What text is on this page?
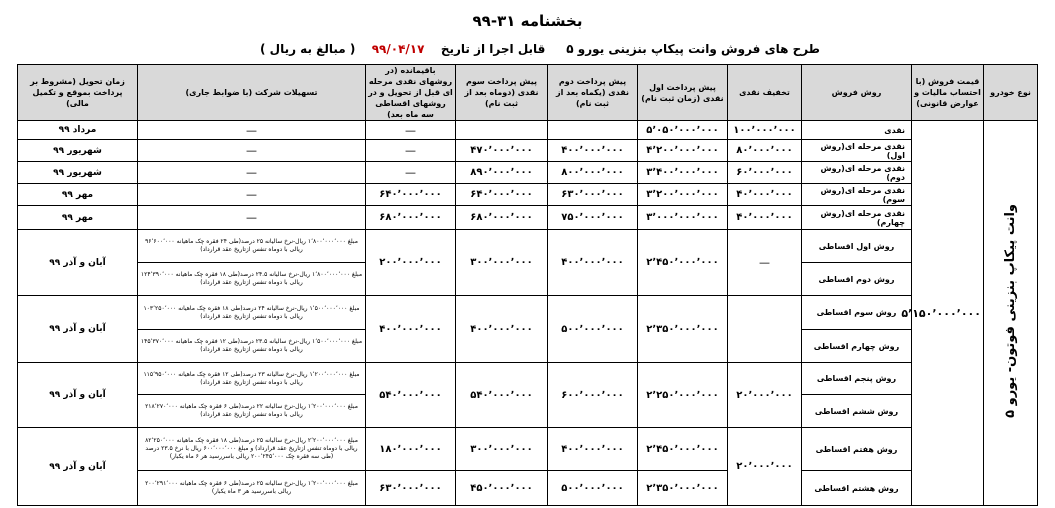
بخشنامه ۳۱-۹۹
طرح های فروش وانت پیکاپ بنزینی یورو ۵     قابل اجرا از تاریخ
۹۹/۰۴/۱۷
( مبالغ به ریال )
نوع خودرو	قیمت فروش (با احتساب مالیات و عوارض قانونی)	روش فروش	تخفیف نقدی	پیش پرداخت اول نقدی (زمان ثبت نام)	پیش پرداخت دوم نقدی (یکماه بعد از ثبت نام)	پیش پرداخت سوم نقدی (دوماه بعد از ثبت نام)	باقیمانده (در روشهای نقدی مرحله ای قبل از تحویل و در روشهای اقساطی سه ماه بعد)	تسهیلات شرکت (با ضوابط جاری)	زمان تحویل (مشروط بر پرداخت بموقع و تکمیل مالی)
وانت پیکاپ بنزینی فوتون- یورو ۵	۵٬۱۵۰٬۰۰۰٬۰۰۰	نقدی	۱۰۰٬۰۰۰٬۰۰۰	۵٬۰۵۰٬۰۰۰٬۰۰۰			—	—	مرداد ۹۹
		نقدی مرحله ای(روش اول)	۸۰٬۰۰۰٬۰۰۰	۴٬۲۰۰٬۰۰۰٬۰۰۰	۴۰۰٬۰۰۰٬۰۰۰	۴۷۰٬۰۰۰٬۰۰۰	—	—	شهریور ۹۹
		نقدی مرحله ای(روش دوم)	۶۰٬۰۰۰٬۰۰۰	۳٬۴۰۰٬۰۰۰٬۰۰۰	۸۰۰٬۰۰۰٬۰۰۰	۸۹۰٬۰۰۰٬۰۰۰	—	—	شهریور ۹۹
		نقدی مرحله ای(روش سوم)	۴۰٬۰۰۰٬۰۰۰	۳٬۲۰۰٬۰۰۰٬۰۰۰	۶۳۰٬۰۰۰٬۰۰۰	۶۴۰٬۰۰۰٬۰۰۰	۶۴۰٬۰۰۰٬۰۰۰	—	مهر ۹۹
		نقدی مرحله ای(روش چهارم)	۴۰٬۰۰۰٬۰۰۰	۳٬۰۰۰٬۰۰۰٬۰۰۰	۷۵۰٬۰۰۰٬۰۰۰	۶۸۰٬۰۰۰٬۰۰۰	۶۸۰٬۰۰۰٬۰۰۰	—	مهر ۹۹
		روش اول اقساطی	—	۲٬۴۵۰٬۰۰۰٬۰۰۰	۴۰۰٬۰۰۰٬۰۰۰	۳۰۰٬۰۰۰٬۰۰۰	۲۰۰٬۰۰۰٬۰۰۰	مبلغ ۱٬۸۰۰٬۰۰۰٬۰۰۰ ریال-نرخ سالیانه ۲۵ درصد(طی ۲۴ فقره چک ماهیانه ۹۶٬۶۰۰٬۰۰۰ ریالی با دوماه تنفس ازتاریخ عقد قرارداد)	آبان و آذر ۹۹
		روش دوم اقساطی						مبلغ ۱٬۸۰۰٬۰۰۰٬۰۰۰ ریال-نرخ سالیانه ۲۴.۵ درصد(طی ۱۸ فقره چک ماهیانه ۱۲۴٬۳۹۰٬۰۰۰ ریالی با دوماه تنفس ازتاریخ عقد قرارداد)	
		روش سوم اقساطی		۲٬۳۵۰٬۰۰۰٬۰۰۰	۵۰۰٬۰۰۰٬۰۰۰	۴۰۰٬۰۰۰٬۰۰۰	۴۰۰٬۰۰۰٬۰۰۰	مبلغ ۱٬۵۰۰٬۰۰۰٬۰۰۰ ریال-نرخ سالیانه ۲۴ درصد(طی ۱۸ فقره چک ماهیانه ۱۰۳٬۲۵۰٬۰۰۰ ریالی با دوماه تنفس ازتاریخ عقد قرارداد)	آبان و آذر ۹۹
		روش چهارم اقساطی						مبلغ ۱٬۵۰۰٬۰۰۰٬۰۰۰ ریال-نرخ سالیانه ۲۳.۵ درصد(طی ۱۲ فقره چک ماهیانه ۱۴۵٬۳۷۰٬۰۰۰ ریالی با دوماه تنفس ازتاریخ عقد قرارداد)	
		روش پنجم اقساطی	۲۰٬۰۰۰٬۰۰۰	۲٬۲۵۰٬۰۰۰٬۰۰۰	۶۰۰٬۰۰۰٬۰۰۰	۵۴۰٬۰۰۰٬۰۰۰	۵۴۰٬۰۰۰٬۰۰۰	مبلغ ۱٬۲۰۰٬۰۰۰٬۰۰۰ ریال-نرخ سالیانه ۲۳ درصد(طی ۱۲ فقره چک ماهیانه ۱۱۵٬۹۵۰٬۰۰۰ ریالی با دوماه تنفس ازتاریخ عقد قرارداد)	آبان و آذر ۹۹
		روش ششم اقساطی						مبلغ ۱٬۲۰۰٬۰۰۰٬۰۰۰ ریال-نرخ سالیانه ۲۲ درصد(طی ۶ فقره چک ماهیانه ۲۱۸٬۲۷۰٬۰۰۰ ریالی با دوماه تنفس ازتاریخ عقد قرارداد)	
		روش هفتم اقساطی	۲۰٬۰۰۰٬۰۰۰	۲٬۴۵۰٬۰۰۰٬۰۰۰	۴۰۰٬۰۰۰٬۰۰۰	۳۰۰٬۰۰۰٬۰۰۰	۱۸۰٬۰۰۰٬۰۰۰	مبلغ ۲٬۲۰۰٬۰۰۰٬۰۰۰ ریال-نرخ سالیانه ۲۵ درصد(طی ۱۸ فقره چک ماهیانه ۸۲٬۲۵۰٬۰۰۰ ریالی با دوماه تنفس ازتاریخ عقد قرارداد) و مبلغ ۶۰۰٬۰۰۰٬۰۰۰ ریال با نرخ ۲۳.۵ درصد (طی سه فقره چک ۲۰۰٬۲۴۵٬۰۰۰ ریالی باسررسید هر ۶ ماه یکبار)	آبان و آذر ۹۹
		روش هشتم اقساطی		۲٬۳۵۰٬۰۰۰٬۰۰۰	۵۰۰٬۰۰۰٬۰۰۰	۴۵۰٬۰۰۰٬۰۰۰	۶۳۰٬۰۰۰٬۰۰۰	مبلغ ۱٬۲۰۰٬۰۰۰٬۰۰۰ ریال-نرخ سالیانه ۲۵ درصد(طی ۶ فقره چک ماهیانه ۲۰۰٬۲۹۱٬۰۰۰ ریالی باسررسید هر ۳ ماه یکبار)	
